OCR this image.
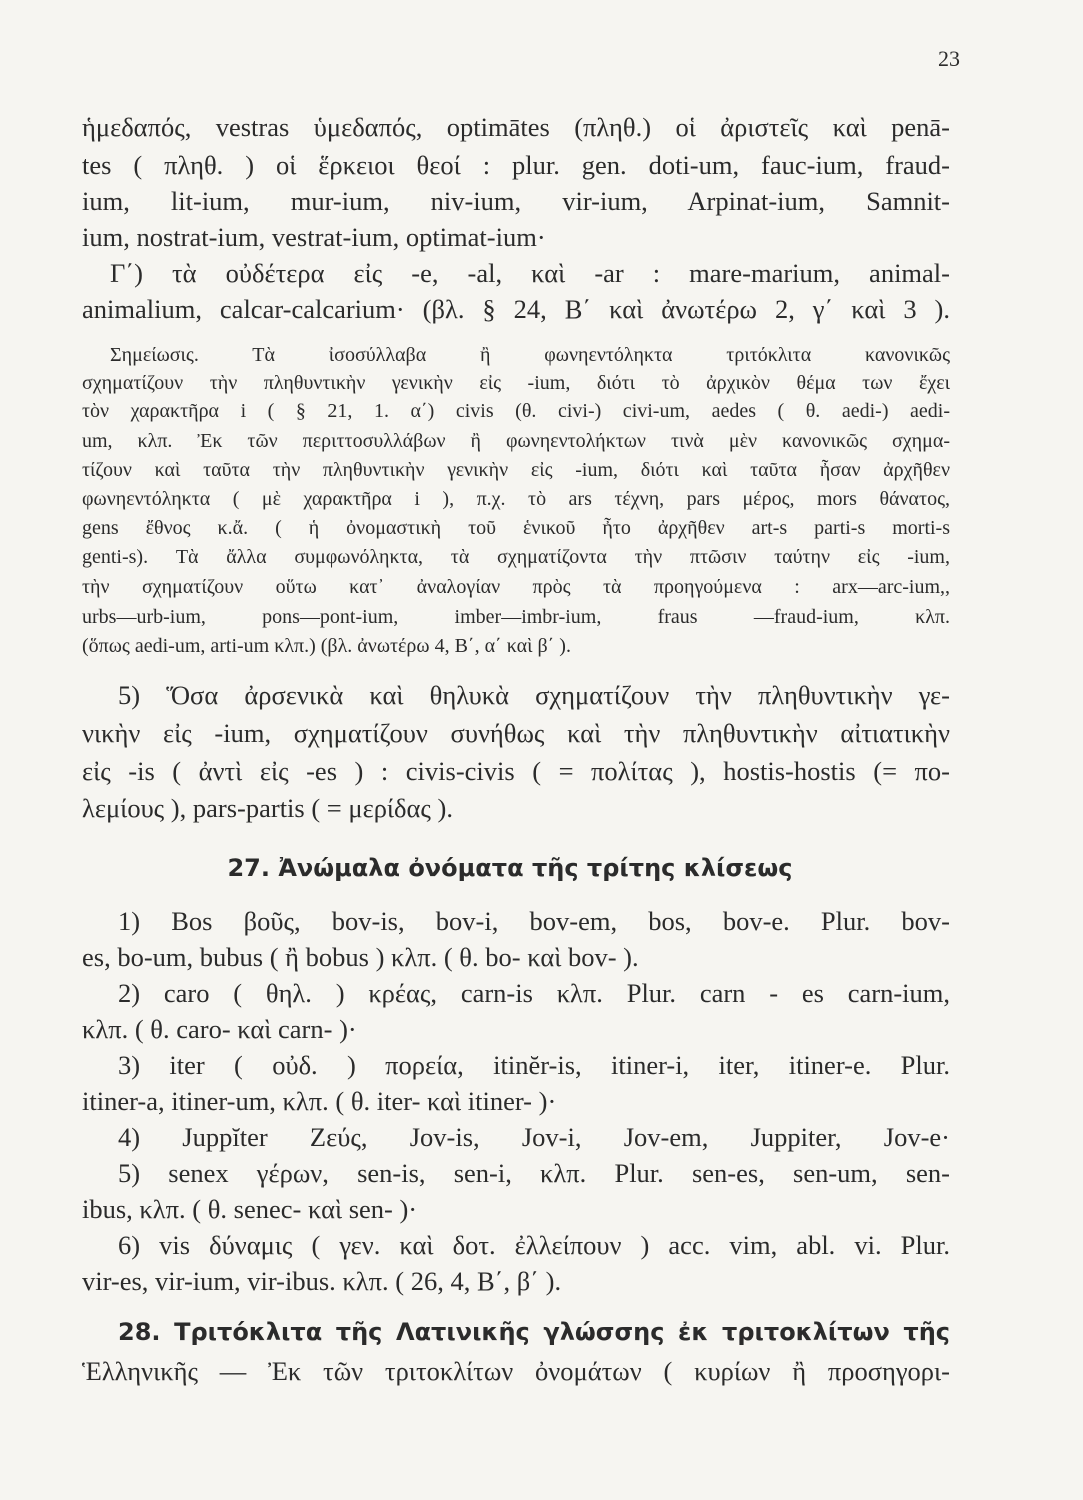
23

ἡμεδαπός, vestras ὑμεδαπός, optimātes (πληθ.) οἱ ἀριστεῖς καὶ penā-

tes ( πληθ. ) οἱ ἕρκειοι θεοί : plur. gen. doti-um, fauc-ium, fraud-

ium, lit-ium, mur-ium, niv-ium, vir-ium, Arpinat-ium, Samnit-

ium, nostrat-ium, vestrat-ium, optimat-ium·

Γ΄) τὰ οὐδέτερα εἰς -e, -al, καὶ -ar : mare-marium, animal-

animalium, calcar-calcarium· (βλ. § 24, Β΄ καὶ ἀνωτέρω 2, γ΄ καὶ 3 ).

Σημείωσις. Τὰ ἰσοσύλλαβα ἢ φωνηεντόληκτα τριτόκλιτα κανονικῶς

σχηματίζουν τὴν πληθυντικὴν γενικὴν εἰς -ium, διότι τὸ ἀρχικὸν θέμα των ἔχει

τὸν χαρακτῆρα i ( § 21, 1. α΄) civis (θ. civi-) civi-um, aedes ( θ. aedi-) aedi-

um, κλπ. Ἐκ τῶν περιττοσυλλάβων ἢ φωνηεντολήκτων τινὰ μὲν κανονικῶς σχημα-

τίζουν καὶ ταῦτα τὴν πληθυντικὴν γενικὴν εἰς -ium, διότι καὶ ταῦτα ἦσαν ἀρχῆθεν

φωνηεντόληκτα ( μὲ χαρακτῆρα i ), π.χ. τὸ ars τέχνη, pars μέρος, mors θάνατος,

gens ἔθνος κ.ἄ. ( ἡ ὀνομαστικὴ τοῦ ἑνικοῦ ἦτο ἀρχῆθεν art-s parti-s morti-s

genti-s). Τὰ ἄλλα συμφωνόληκτα, τὰ σχηματίζοντα τὴν πτῶσιν ταύτην εἰς -ium,

τὴν σχηματίζουν οὕτω κατ᾽ ἀναλογίαν πρὸς τὰ προηγούμενα : arx—arc-ium,,

urbs—urb-ium, pons—pont-ium, imber—imbr-ium, fraus —fraud-ium, κλπ.

(ὅπως aedi-um, arti-um κλπ.) (βλ. ἀνωτέρω 4, Β΄, α΄ καὶ β΄ ).

5) Ὅσα ἀρσενικὰ καὶ θηλυκὰ σχηματίζουν τὴν πληθυντικὴν γε-

νικὴν εἰς -ium, σχηματίζουν συνήθως καὶ τὴν πληθυντικὴν αἰτιατικὴν

εἰς -is ( ἀντὶ εἰς -es ) : civis-civis ( = πολίτας ), hostis-hostis (= πο-

λεμίους ), pars-partis ( = μερίδας ).

27. Ἀνώμαλα ὀνόματα τῆς τρίτης κλίσεως

1) Bos βοῦς, bov-is, bov-i, bov-em, bos, bov-e. Plur. bov-

es, bo-um, bubus ( ἢ bobus ) κλπ. ( θ. bo- καὶ bov- ).

2) caro ( θηλ. ) κρέας, carn-is κλπ. Plur. carn - es carn-ium,

κλπ. ( θ. caro- καὶ carn- )·

3) iter ( οὐδ. ) πορεία, itinĕr-is, itiner-i, iter, itiner-e. Plur.

itiner-a, itiner-um, κλπ. ( θ. iter- καὶ itiner- )·

4) Juppĭter Ζεύς, Jov-is, Jov-i, Jov-em, Juppiter, Jov-e·

5) senex γέρων, sen-is, sen-i, κλπ. Plur. sen-es, sen-um, sen-

ibus, κλπ. ( θ. senec- καὶ sen- )·

6) vis δύναμις ( γεν. καὶ δοτ. ἐλλείπουν ) acc. vim, abl. vi. Plur.

vir-es, vir-ium, vir-ibus. κλπ. ( 26, 4, Β΄, β΄ ).

28. Τριτόκλιτα τῆς Λατινικῆς γλώσσης ἐκ τριτοκλίτων τῆς

Ἑλληνικῆς — Ἐκ τῶν τριτοκλίτων ὀνομάτων ( κυρίων ἢ προσηγορι-
